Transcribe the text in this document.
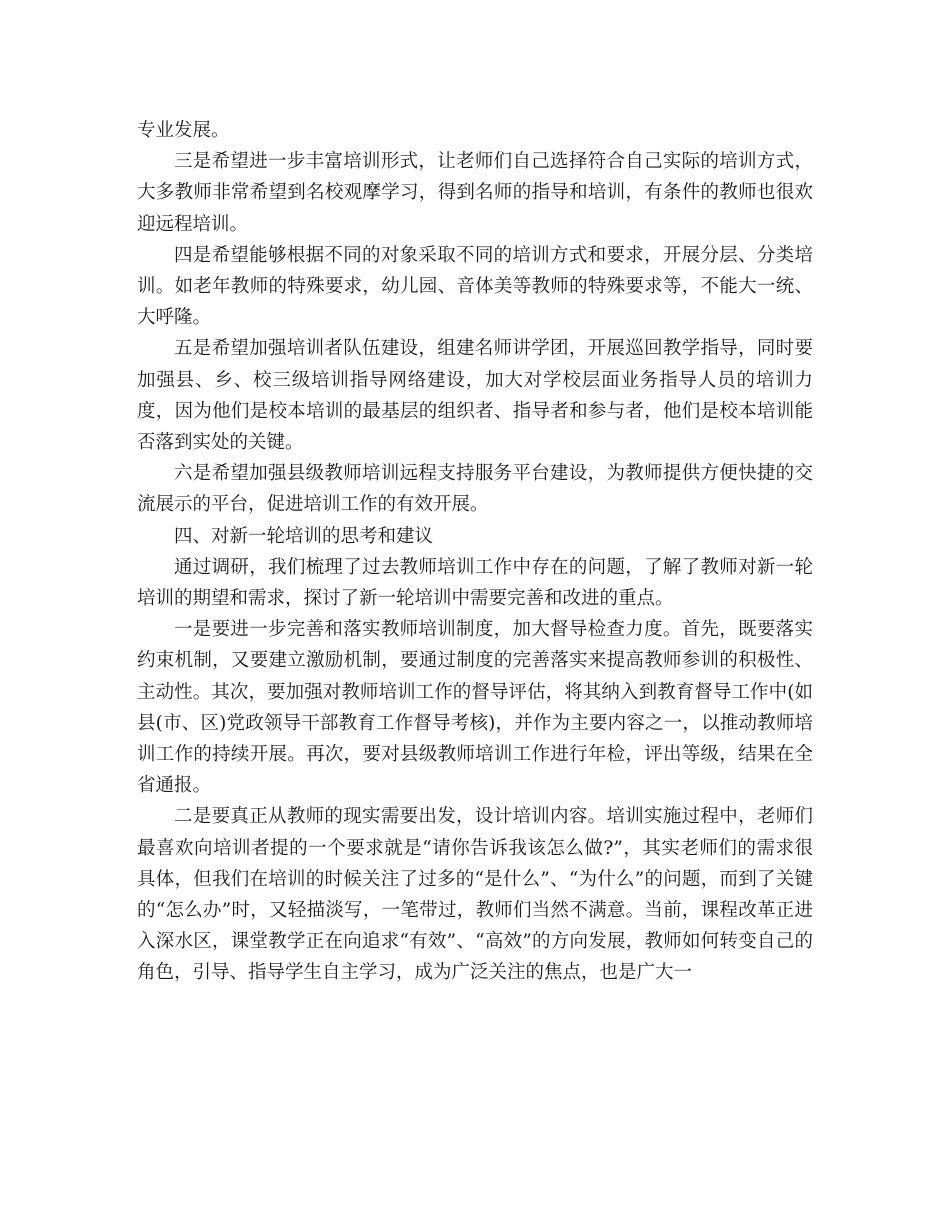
专业发展。

三是希望进一步丰富培训形式，让老师们自己选择符合自己实际的培训方式，大多教师非常希望到名校观摩学习，得到名师的指导和培训，有条件的教师也很欢迎远程培训。

四是希望能够根据不同的对象采取不同的培训方式和要求，开展分层、分类培训。如老年教师的特殊要求，幼儿园、音体美等教师的特殊要求等，不能大一统、大呼隆。

五是希望加强培训者队伍建设，组建名师讲学团，开展巡回教学指导，同时要加强县、乡、校三级培训指导网络建设，加大对学校层面业务指导人员的培训力度，因为他们是校本培训的最基层的组织者、指导者和参与者，他们是校本培训能否落到实处的关键。

六是希望加强县级教师培训远程支持服务平台建设，为教师提供方便快捷的交流展示的平台，促进培训工作的有效开展。

四、对新一轮培训的思考和建议

通过调研，我们梳理了过去教师培训工作中存在的问题，了解了教师对新一轮培训的期望和需求，探讨了新一轮培训中需要完善和改进的重点。

一是要进一步完善和落实教师培训制度，加大督导检查力度。首先，既要落实约束机制，又要建立激励机制，要通过制度的完善落实来提高教师参训的积极性、主动性。其次，要加强对教师培训工作的督导评估，将其纳入到教育督导工作中(如县(市、区)党政领导干部教育工作督导考核)，并作为主要内容之一，以推动教师培训工作的持续开展。再次，要对县级教师培训工作进行年检，评出等级，结果在全省通报。

二是要真正从教师的现实需要出发，设计培训内容。培训实施过程中，老师们最喜欢向培训者提的一个要求就是“请你告诉我该怎么做?”，其实老师们的需求很具体，但我们在培训的时候关注了过多的“是什么”、“为什么”的问题，而到了关键的“怎么办”时，又轻描淡写，一笔带过，教师们当然不满意。当前，课程改革正进入深水区，课堂教学正在向追求“有效”、“高效”的方向发展，教师如何转变自己的角色，引导、指导学生自主学习，成为广泛关注的焦点，也是广大一
